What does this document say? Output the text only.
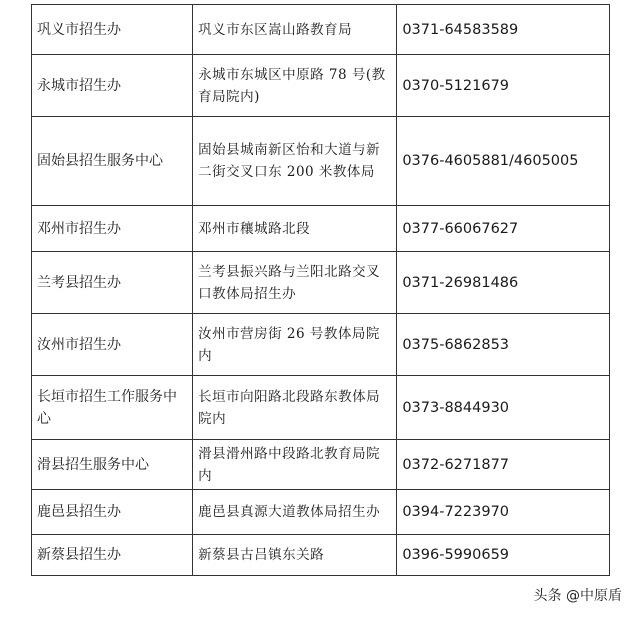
巩义市招生办	巩义市东区嵩山路教育局	0371-64583589
永城市招生办	永城市东城区中原路 78 号(教育局院内)	0370-5121679
固始县招生服务中心	固始县城南新区怡和大道与新二街交叉口东 200 米教体局	0376-4605881/4605005
邓州市招生办	邓州市穰城路北段	0377-66067627
兰考县招生办	兰考县振兴路与兰阳北路交叉口教体局招生办	0371-26981486
汝州市招生办	汝州市营房街 26 号教体局院内	0375-6862853
长垣市招生工作服务中心	长垣市向阳路北段路东教体局院内	0373-8844930
滑县招生服务中心	滑县滑州路中段路北教育局院内	0372-6271877
鹿邑县招生办	鹿邑县真源大道教体局招生办	0394-7223970
新蔡县招生办	新蔡县古吕镇东关路	0396-5990659
头条 @中原盾
